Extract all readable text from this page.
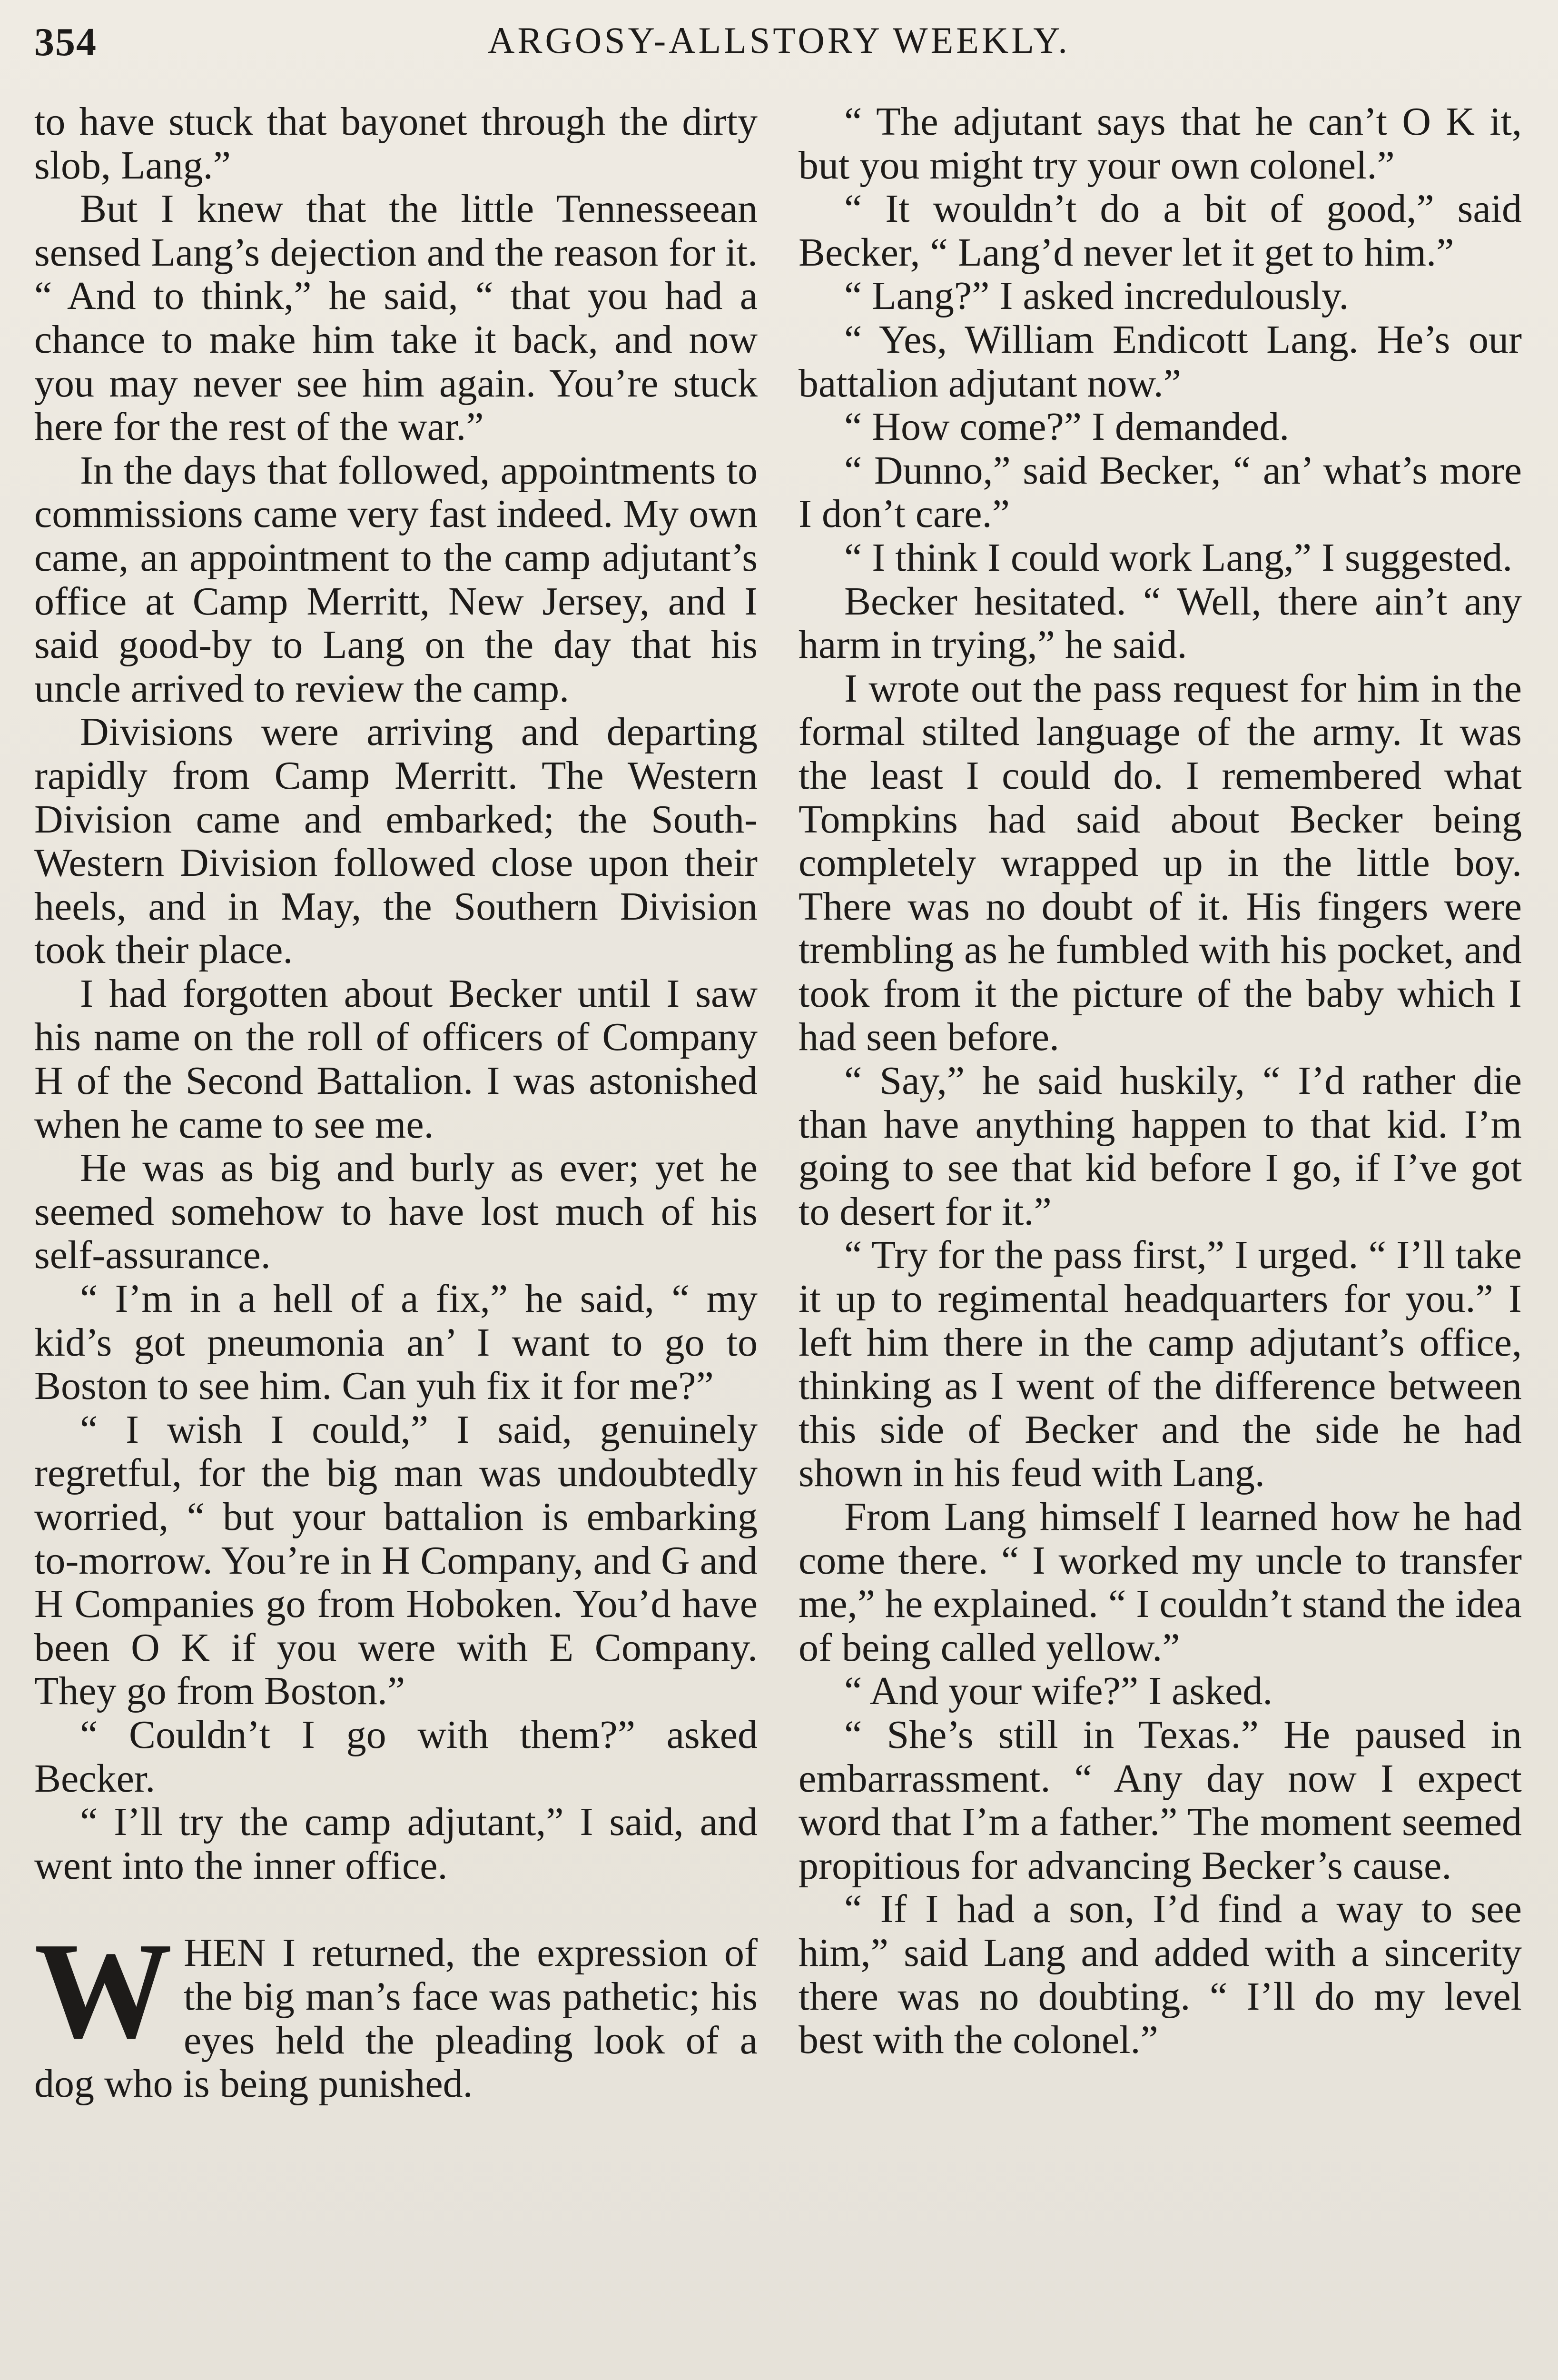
354	ARGOSY-ALLSTORY WEEKLY.

to have stuck that bayonet through the dirty slob, Lang.”

But I knew that the little Tennesseean sensed Lang’s dejection and the reason for it. “ And to think,” he said, “ that you had a chance to make him take it back, and now you may never see him again. You’re stuck here for the rest of the war.”

In the days that followed, appointments to commissions came very fast indeed. My own came, an appointment to the camp adjutant’s office at Camp Merritt, New Jersey, and I said good-by to Lang on the day that his uncle arrived to review the camp.

Divisions were arriving and departing rapidly from Camp Merritt. The Western Division came and embarked; the South-Western Division followed close upon their heels, and in May, the Southern Division took their place.

I had forgotten about Becker until I saw his name on the roll of officers of Company H of the Second Battalion. I was astonished when he came to see me.

He was as big and burly as ever; yet he seemed somehow to have lost much of his self-assurance.

“ I’m in a hell of a fix,” he said, “ my kid’s got pneumonia an’ I want to go to Boston to see him. Can yuh fix it for me?”

“ I wish I could,” I said, genuinely regretful, for the big man was undoubtedly worried, “ but your battalion is embarking to-morrow. You’re in H Company, and G and H Companies go from Hoboken. You’d have been O K if you were with E Company. They go from Boston.”

“ Couldn’t I go with them?” asked Becker.

“ I’ll try the camp adjutant,” I said, and went into the inner office.

W HEN I returned, the expression of the big man’s face was pathetic; his eyes held the pleading look of a dog who is being punished.

“ The adjutant says that he can’t O K it, but you might try your own colonel.”

“ It wouldn’t do a bit of good,” said Becker, “ Lang’d never let it get to him.”

“ Lang?” I asked incredulously.

“ Yes, William Endicott Lang. He’s our battalion adjutant now.”

“ How come?” I demanded.

“ Dunno,” said Becker, “ an’ what’s more I don’t care.”

“ I think I could work Lang,” I suggested.

Becker hesitated. “ Well, there ain’t any harm in trying,” he said.

I wrote out the pass request for him in the formal stilted language of the army. It was the least I could do. I remembered what Tompkins had said about Becker being completely wrapped up in the little boy. There was no doubt of it. His fingers were trembling as he fumbled with his pocket, and took from it the picture of the baby which I had seen before.

“ Say,” he said huskily, “ I’d rather die than have anything happen to that kid. I’m going to see that kid before I go, if I’ve got to desert for it.”

“ Try for the pass first,” I urged. “ I’ll take it up to regimental headquarters for you.” I left him there in the camp adjutant’s office, thinking as I went of the difference between this side of Becker and the side he had shown in his feud with Lang.

From Lang himself I learned how he had come there. “ I worked my uncle to transfer me,” he explained. “ I couldn’t stand the idea of being called yellow.”

“ And your wife?” I asked.

“ She’s still in Texas.” He paused in embarrassment. “ Any day now I expect word that I’m a father.” The moment seemed propitious for advancing Becker’s cause.

“ If I had a son, I’d find a way to see him,” said Lang and added with a sincerity there was no doubting. “ I’ll do my level best with the colonel.”
